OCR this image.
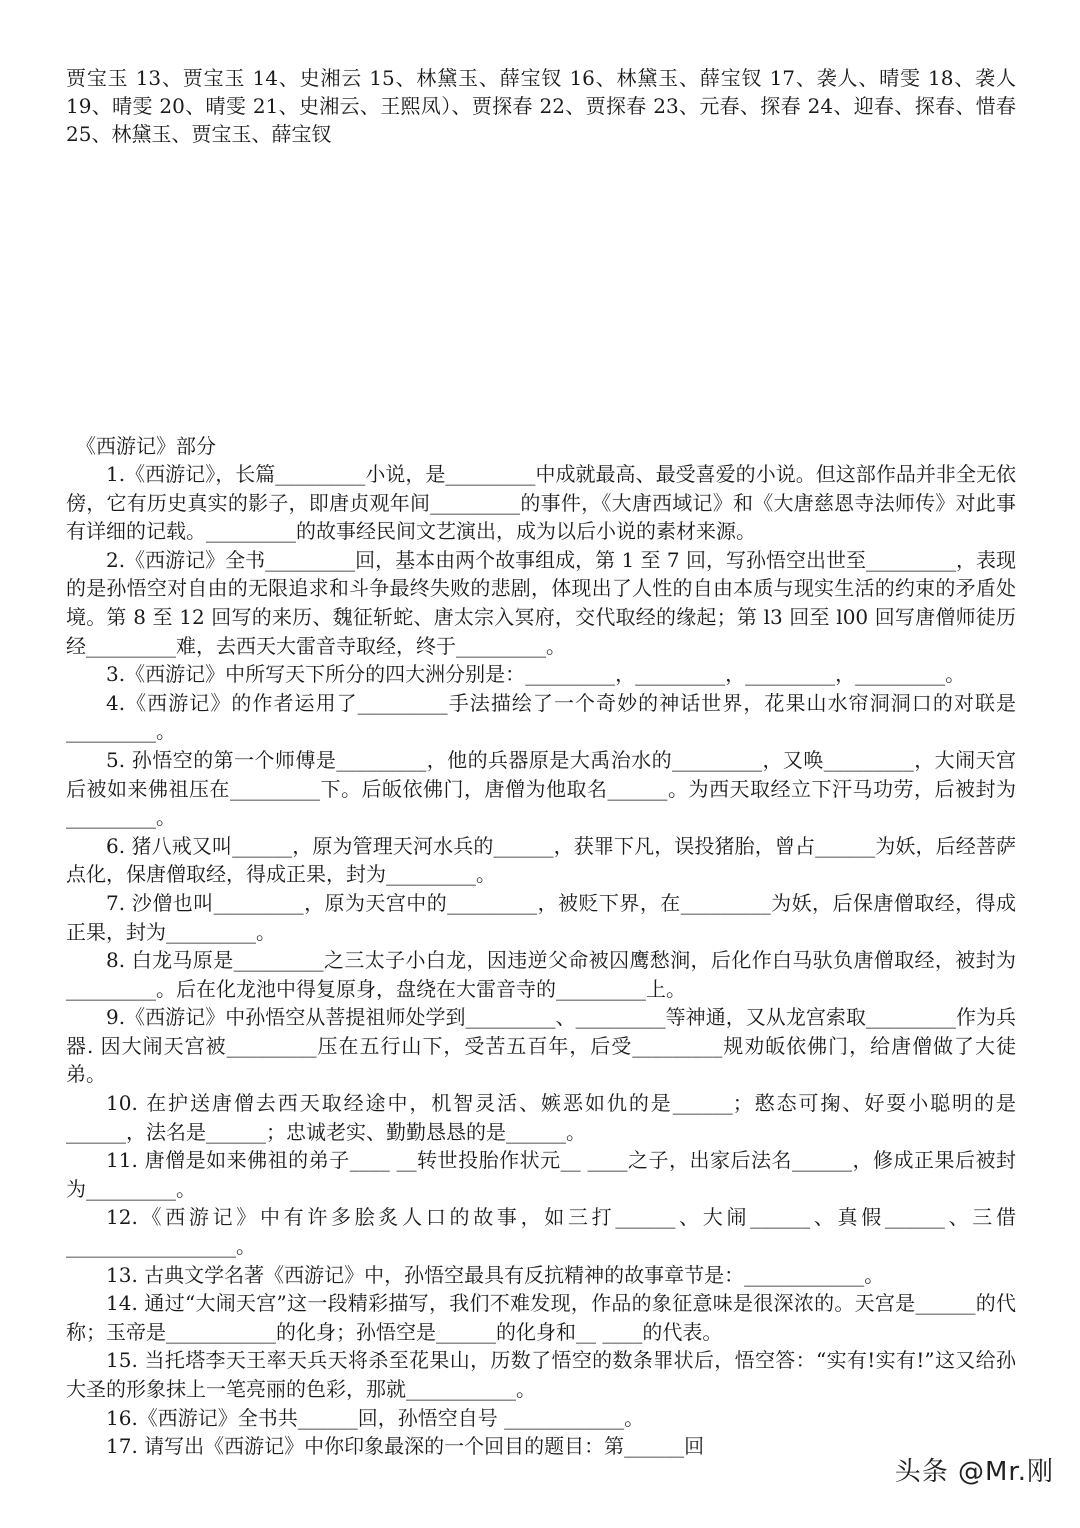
贾宝玉 13、贾宝玉 14、史湘云 15、林黛玉、薛宝钗 16、林黛玉、薛宝钗 17、袭人、晴雯 18、袭人 19、晴雯 20、晴雯 21、史湘云、王熙凤）、贾探春 22、贾探春 23、元春、探春 24、迎春、探春、惜春 25、林黛玉、贾宝玉、薛宝钗
《西游记》部分

1.《西游记》，长篇_________小说，是_________中成就最高、最受喜爱的小说。但这部作品并非全无依傍，它有历史真实的影子，即唐贞观年间_________的事件，《大唐西域记》和《大唐慈恩寺法师传》对此事有详细的记载。_________的故事经民间文艺演出，成为以后小说的素材来源。

2.《西游记》全书_________回，基本由两个故事组成，第 1 至 7 回，写孙悟空出世至_________，表现的是孙悟空对自由的无限追求和斗争最终失败的悲剧，体现出了人性的自由本质与现实生活的约束的矛盾处境。第 8 至 12 回写的来历、魏征斩蛇、唐太宗入冥府，交代取经的缘起；第 l3 回至 l00 回写唐僧师徒历经_________难，去西天大雷音寺取经，终于_________。

3.《西游记》中所写天下所分的四大洲分别是：_________，_________，_________，_________。

4.《西游记》的作者运用了_________手法描绘了一个奇妙的神话世界，花果山水帘洞洞口的对联是_________。

5. 孙悟空的第一个师傅是_________，他的兵器原是大禹治水的_________，又唤_________，大闹天宫后被如来佛祖压在_________下。后皈依佛门，唐僧为他取名______。为西天取经立下汗马功劳，后被封为_________。

6. 猪八戒又叫______，原为管理天河水兵的______，获罪下凡，误投猪胎，曾占______为妖，后经菩萨点化，保唐僧取经，得成正果，封为_________。

7. 沙僧也叫_________，原为天宫中的_________，被贬下界，在_________为妖，后保唐僧取经，得成正果，封为_________。

8. 白龙马原是_________之三太子小白龙，因违逆父命被囚鹰愁涧，后化作白马驮负唐僧取经，被封为_________。后在化龙池中得复原身，盘绕在大雷音寺的_________上。

9.《西游记》中孙悟空从菩提祖师处学到_________、_________等神通，又从龙宫索取_________作为兵器. 因大闹天宫被_________压在五行山下，受苦五百年，后受_________规劝皈依佛门，给唐僧做了大徒弟。

10. 在护送唐僧去西天取经途中，机智灵活、嫉恶如仇的是______；憨态可掬、好耍小聪明的是______，法名是______；忠诚老实、勤勤恳恳的是______。

11. 唐僧是如来佛祖的弟子____ __转世投胎作状元__ ____之子，出家后法名______，修成正果后被封为_________。

12.《西游记》中有许多脍炙人口的故事，如三打______、大闹______、真假______、三借_________________。

13. 古典文学名著《西游记》中，孙悟空最具有反抗精神的故事章节是：____________。

14. 通过“大闹天宫”这一段精彩描写，我们不难发现，作品的象征意味是很深浓的。天宫是______的代称；玉帝是___________的化身；孙悟空是______的化身和__ ____的代表。

15. 当托塔李天王率天兵天将杀至花果山，历数了悟空的数条罪状后，悟空答：“实有!实有!”这又给孙大圣的形象抹上一笔亮丽的色彩，那就___________。

16.《西游记》全书共______回，孙悟空自号 ____________。

17. 请写出《西游记》中你印象最深的一个回目的题目：第______回

头条 @Mr.刚
